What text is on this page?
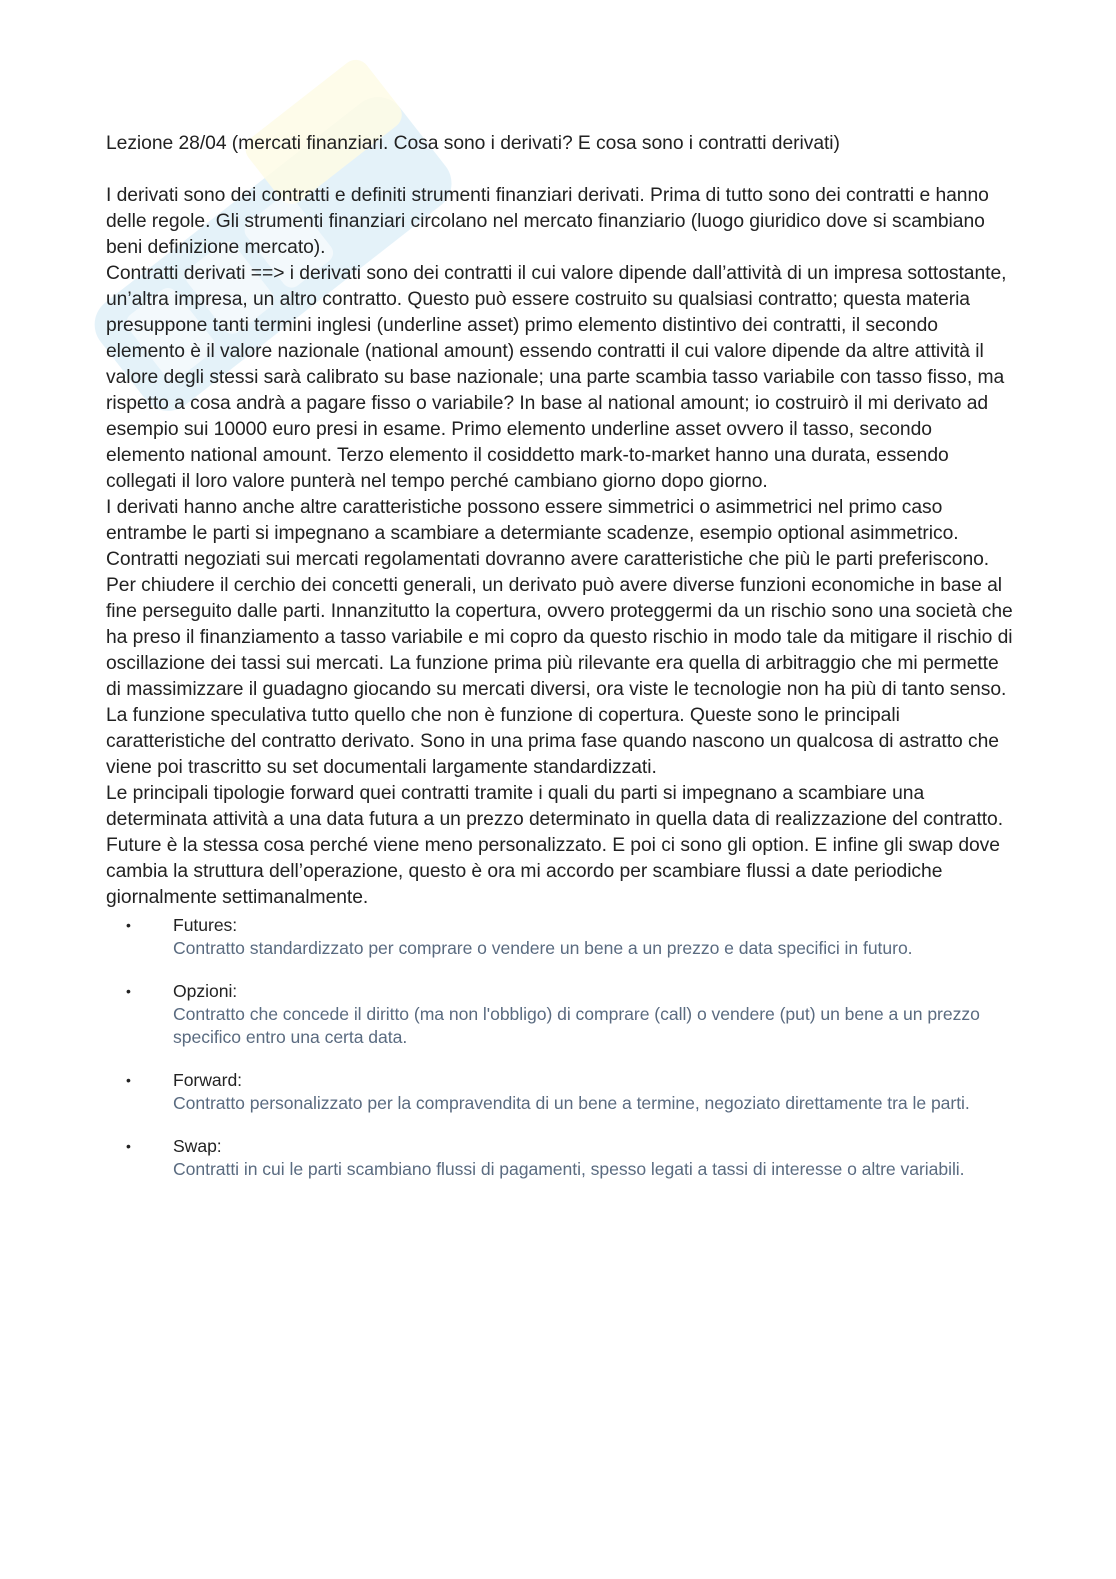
Lezione 28/04 (mercati finanziari. Cosa sono i derivati? E cosa sono i contratti derivati)

I derivati sono dei contratti e definiti strumenti finanziari derivati. Prima di tutto sono dei contratti e hanno delle regole. Gli strumenti finanziari circolano nel mercato finanziario (luogo giuridico dove si scambiano beni definizione mercato).

Contratti derivati ==> i derivati sono dei contratti il cui valore dipende dall’attività di un impresa sottostante, un’altra impresa, un altro contratto. Questo può essere costruito su qualsiasi contratto; questa materia presuppone tanti termini inglesi (underline asset) primo elemento distintivo dei contratti, il secondo elemento è il valore nazionale (national amount) essendo contratti il cui valore dipende da altre attività il valore degli stessi sarà calibrato su base nazionale; una parte scambia tasso variabile con tasso fisso, ma rispetto a cosa andrà a pagare fisso o variabile? In base al national amount; io costruirò il mi derivato ad esempio sui 10000 euro presi in esame. Primo elemento underline asset ovvero il tasso, secondo elemento national amount. Terzo elemento il cosiddetto mark-to-market hanno una durata, essendo collegati il loro valore punterà nel tempo perché cambiano giorno dopo giorno.

I derivati hanno anche altre caratteristiche possono essere simmetrici o asimmetrici nel primo caso entrambe le parti si impegnano a scambiare a determiante scadenze, esempio optional asimmetrico.

Contratti negoziati sui mercati regolamentati dovranno avere caratteristiche che più le parti preferiscono. Per chiudere il cerchio dei concetti generali, un derivato può avere diverse funzioni economiche in base al fine perseguito dalle parti. Innanzitutto la copertura, ovvero proteggermi da un rischio sono una società che ha preso il finanziamento a tasso variabile e mi copro da questo rischio in modo tale da mitigare il rischio di oscillazione dei tassi sui mercati. La funzione prima più rilevante era quella di arbitraggio che mi permette di massimizzare il guadagno giocando su mercati diversi, ora viste le tecnologie non ha più di tanto senso. La funzione speculativa tutto quello che non è funzione di copertura. Queste sono le principali caratteristiche del contratto derivato. Sono in una prima fase quando nascono un qualcosa di astratto che viene poi trascritto su set documentali largamente standardizzati.

Le principali tipologie forward quei contratti tramite i quali du parti si impegnano a scambiare una determinata attività a una data futura a un prezzo determinato in quella data di realizzazione del contratto. Future è la stessa cosa perché viene meno personalizzato. E poi ci sono gli option. E infine gli swap dove cambia la struttura dell’operazione, questo è ora mi accordo per scambiare flussi a date periodiche giornalmente settimanalmente.

• Futures:
Contratto standardizzato per comprare o vendere un bene a un prezzo e data specifici in futuro.
• Opzioni:
Contratto che concede il diritto (ma non l'obbligo) di comprare (call) o vendere (put) un bene a un prezzo specifico entro una certa data.
• Forward:
Contratto personalizzato per la compravendita di un bene a termine, negoziato direttamente tra le parti.
• Swap:
Contratti in cui le parti scambiano flussi di pagamenti, spesso legati a tassi di interesse o altre variabili.
